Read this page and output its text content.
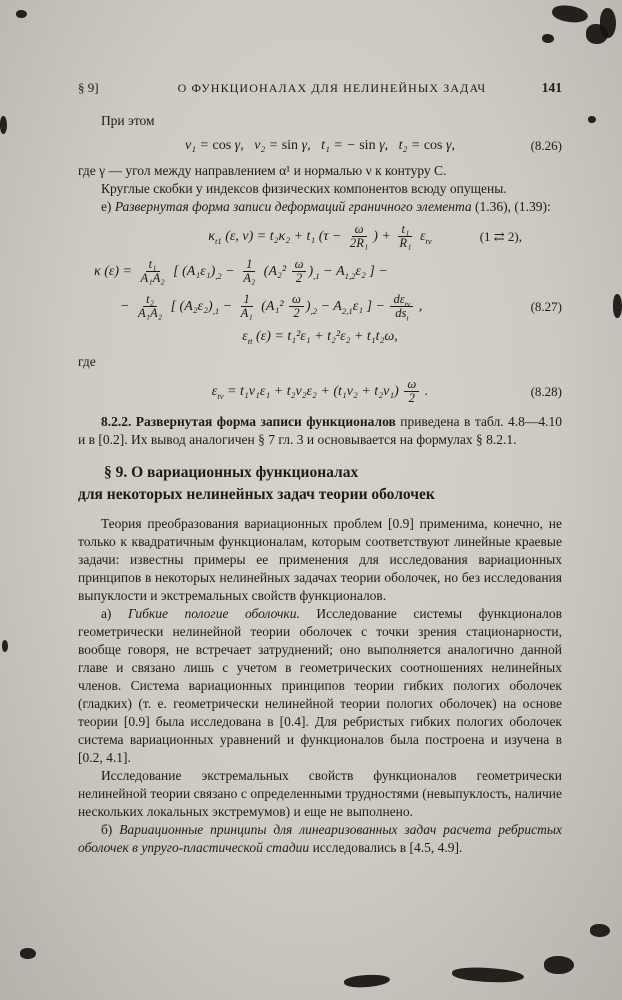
§ 9]	О ФУНКЦИОНАЛАХ ДЛЯ НЕЛИНЕЙНЫХ ЗАДАЧ	141

При этом

ν₁ = cos γ,  ν₂ = sin γ,  t₁ = − sin γ,  t₂ = cos γ,	(8.26)

где γ — угол между направлением α¹ и нормалью ν к контуру C.

Круглые скобки у индексов физических компонентов всюду опущены.

е) Развернутая форма записи деформаций граничного элемента (1.36), (1.39):

$\kappa_{t1}$ (ε, ν) = t₂κ₂ + t₁ ($\tau - \frac{\omega}{\text{2R₁}}$ ) + $\frac{\text{t₁}}{\text{R₁}} \varepsilon_{t\nu}$	(1 ⇄ 2),
κ $(\varepsilon) = \frac{\text{t₁}}{\text{A₁A₂}}$ [ $(A_1\varepsilon_1)_{,2} - \frac{1}{\text{A₂}} (A_2^2 \frac{\omega}{2} )_{,1} - A_{1,2}\varepsilon_2$ ] −
− $\frac{\text{t₂}}{\text{A₁A₂}}$ [ $(A_2\varepsilon_2)_{,1} - \frac{1}{\text{A₁}} (A_1^2 \frac{\omega}{2} )_{,2} - A_{2,1}\varepsilon_1$ ] − $\frac{d\varepsilon_{t\nu}}{ds_t}$ ,	(8.27)
$\varepsilon_{tt}$ (ε) = t₁²ε₁ + t₂²ε₂ + t₁t₂ω,

где

$\varepsilon_{t\nu} = t_1\nu_1\varepsilon_1 + t_2\nu_2\varepsilon_2 + (t_1\nu_2 + t_2\nu_1) \frac{\omega}{2}$ .	(8.28)

8.2.2. Развернутая форма записи функционалов приведена в табл. 4.8—4.10 и в [0.2]. Их вывод аналогичен § 7 гл. 3 и основывается на формулах § 8.2.1.

§ 9. О вариационных функционалах
для некоторых нелинейных задач теории оболочек

Теория преобразования вариационных проблем [0.9] применима, конечно, не только к квадратичным функционалам, которым соответствуют линейные краевые задачи: известны примеры ее применения для исследования вариационных принципов в некоторых нелинейных задачах теории оболочек, но без исследования выпуклости и экстремальных свойств функционалов.

а) Гибкие пологие оболочки. Исследование системы функционалов геометрически нелинейной теории оболочек с точки зрения стационарности, вообще говоря, не встречает затруднений; оно выполняется аналогично данной главе и связано лишь с учетом в геометрических соотношениях нелинейных членов. Система вариационных принципов теории гибких пологих оболочек (гладких) (т. е. геометрически нелинейной теории пологих оболочек) на основе теории [0.9] была исследована в [0.4]. Для ребристых гибких пологих оболочек система вариационных уравнений и функционалов была построена и изучена в [0.2, 4.1].

Исследование экстремальных свойств функционалов геометрически нелинейной теории связано с определенными трудностями (невыпуклость, наличие нескольких локальных экстремумов) и еще не выполнено.

б) Вариационные принципы для линеаризованных задач расчета ребристых оболочек в упруго-пластической стадии исследовались в [4.5, 4.9].
